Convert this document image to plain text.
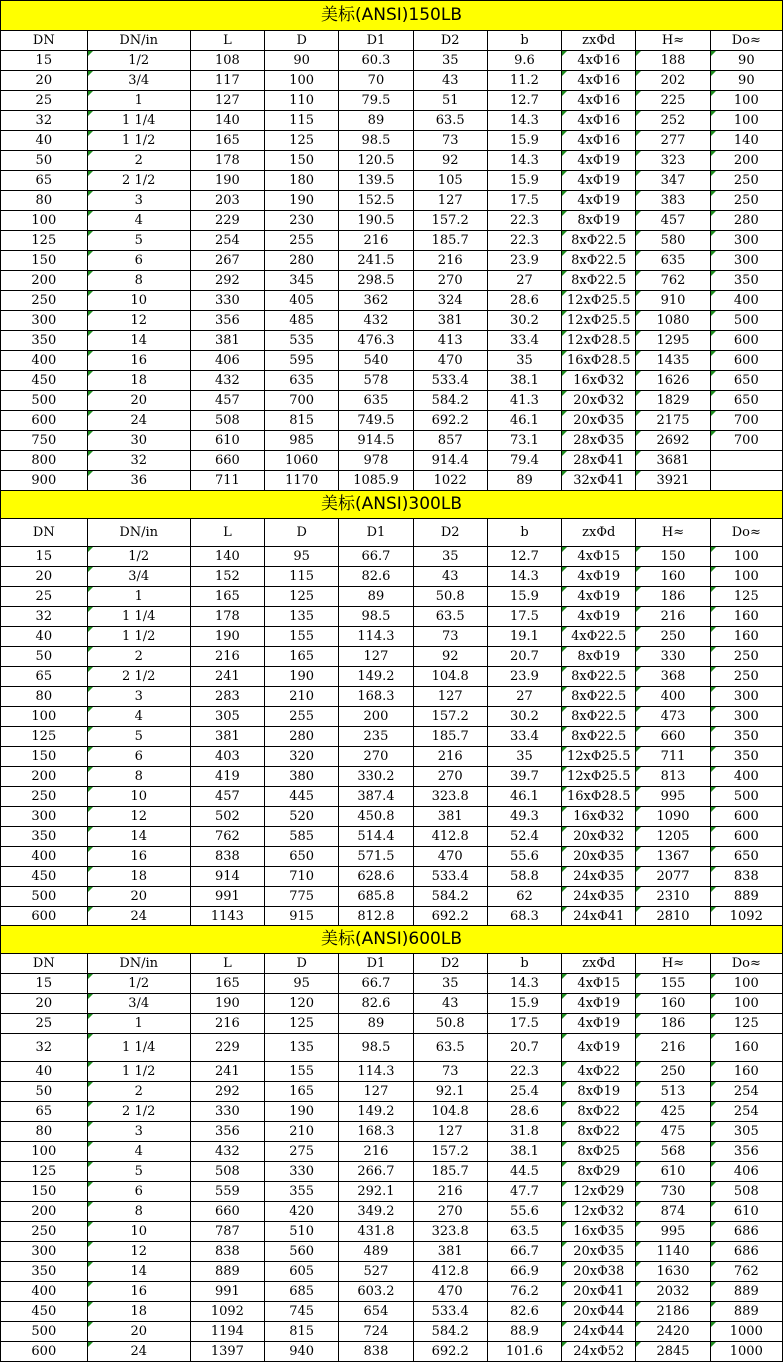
美标(ANSI)150LB									
DN	DN/in	L	D	D1	D2	b	zxΦd	H≈	Do≈
15	1/2	108	90	60.3	35	9.6	4xΦ16	188	90
20	3/4	117	100	70	43	11.2	4xΦ16	202	90
25	1	127	110	79.5	51	12.7	4xΦ16	225	100
32	1 1/4	140	115	89	63.5	14.3	4xΦ16	252	100
40	1 1/2	165	125	98.5	73	15.9	4xΦ16	277	140
50	2	178	150	120.5	92	14.3	4xΦ19	323	200
65	2 1/2	190	180	139.5	105	15.9	4xΦ19	347	250
80	3	203	190	152.5	127	17.5	4xΦ19	383	250
100	4	229	230	190.5	157.2	22.3	8xΦ19	457	280
125	5	254	255	216	185.7	22.3	8xΦ22.5	580	300
150	6	267	280	241.5	216	23.9	8xΦ22.5	635	300
200	8	292	345	298.5	270	27	8xΦ22.5	762	350
250	10	330	405	362	324	28.6	12xΦ25.5	910	400
300	12	356	485	432	381	30.2	12xΦ25.5	1080	500
350	14	381	535	476.3	413	33.4	12xΦ28.5	1295	600
400	16	406	595	540	470	35	16xΦ28.5	1435	600
450	18	432	635	578	533.4	38.1	16xΦ32	1626	650
500	20	457	700	635	584.2	41.3	20xΦ32	1829	650
600	24	508	815	749.5	692.2	46.1	20xΦ35	2175	700
750	30	610	985	914.5	857	73.1	28xΦ35	2692	700
800	32	660	1060	978	914.4	79.4	28xΦ41	3681	
900	36	711	1170	1085.9	1022	89	32xΦ41	3921	
美标(ANSI)300LB									
DN	DN/in	L	D	D1	D2	b	zxΦd	H≈	Do≈
15	1/2	140	95	66.7	35	12.7	4xΦ15	150	100
20	3/4	152	115	82.6	43	14.3	4xΦ19	160	100
25	1	165	125	89	50.8	15.9	4xΦ19	186	125
32	1 1/4	178	135	98.5	63.5	17.5	4xΦ19	216	160
40	1 1/2	190	155	114.3	73	19.1	4xΦ22.5	250	160
50	2	216	165	127	92	20.7	8xΦ19	330	250
65	2 1/2	241	190	149.2	104.8	23.9	8xΦ22.5	368	250
80	3	283	210	168.3	127	27	8xΦ22.5	400	300
100	4	305	255	200	157.2	30.2	8xΦ22.5	473	300
125	5	381	280	235	185.7	33.4	8xΦ22.5	660	350
150	6	403	320	270	216	35	12xΦ25.5	711	350
200	8	419	380	330.2	270	39.7	12xΦ25.5	813	400
250	10	457	445	387.4	323.8	46.1	16xΦ28.5	995	500
300	12	502	520	450.8	381	49.3	16xΦ32	1090	600
350	14	762	585	514.4	412.8	52.4	20xΦ32	1205	600
400	16	838	650	571.5	470	55.6	20xΦ35	1367	650
450	18	914	710	628.6	533.4	58.8	24xΦ35	2077	838
500	20	991	775	685.8	584.2	62	24xΦ35	2310	889
600	24	1143	915	812.8	692.2	68.3	24xΦ41	2810	1092
美标(ANSI)600LB									
DN	DN/in	L	D	D1	D2	b	zxΦd	H≈	Do≈
15	1/2	165	95	66.7	35	14.3	4xΦ15	155	100
20	3/4	190	120	82.6	43	15.9	4xΦ19	160	100
25	1	216	125	89	50.8	17.5	4xΦ19	186	125
32	1 1/4	229	135	98.5	63.5	20.7	4xΦ19	216	160
40	1 1/2	241	155	114.3	73	22.3	4xΦ22	250	160
50	2	292	165	127	92.1	25.4	8xΦ19	513	254
65	2 1/2	330	190	149.2	104.8	28.6	8xΦ22	425	254
80	3	356	210	168.3	127	31.8	8xΦ22	475	305
100	4	432	275	216	157.2	38.1	8xΦ25	568	356
125	5	508	330	266.7	185.7	44.5	8xΦ29	610	406
150	6	559	355	292.1	216	47.7	12xΦ29	730	508
200	8	660	420	349.2	270	55.6	12xΦ32	874	610
250	10	787	510	431.8	323.8	63.5	16xΦ35	995	686
300	12	838	560	489	381	66.7	20xΦ35	1140	686
350	14	889	605	527	412.8	66.9	20xΦ38	1630	762
400	16	991	685	603.2	470	76.2	20xΦ41	2032	889
450	18	1092	745	654	533.4	82.6	20xΦ44	2186	889
500	20	1194	815	724	584.2	88.9	24xΦ44	2420	1000
600	24	1397	940	838	692.2	101.6	24xΦ52	2845	1000
